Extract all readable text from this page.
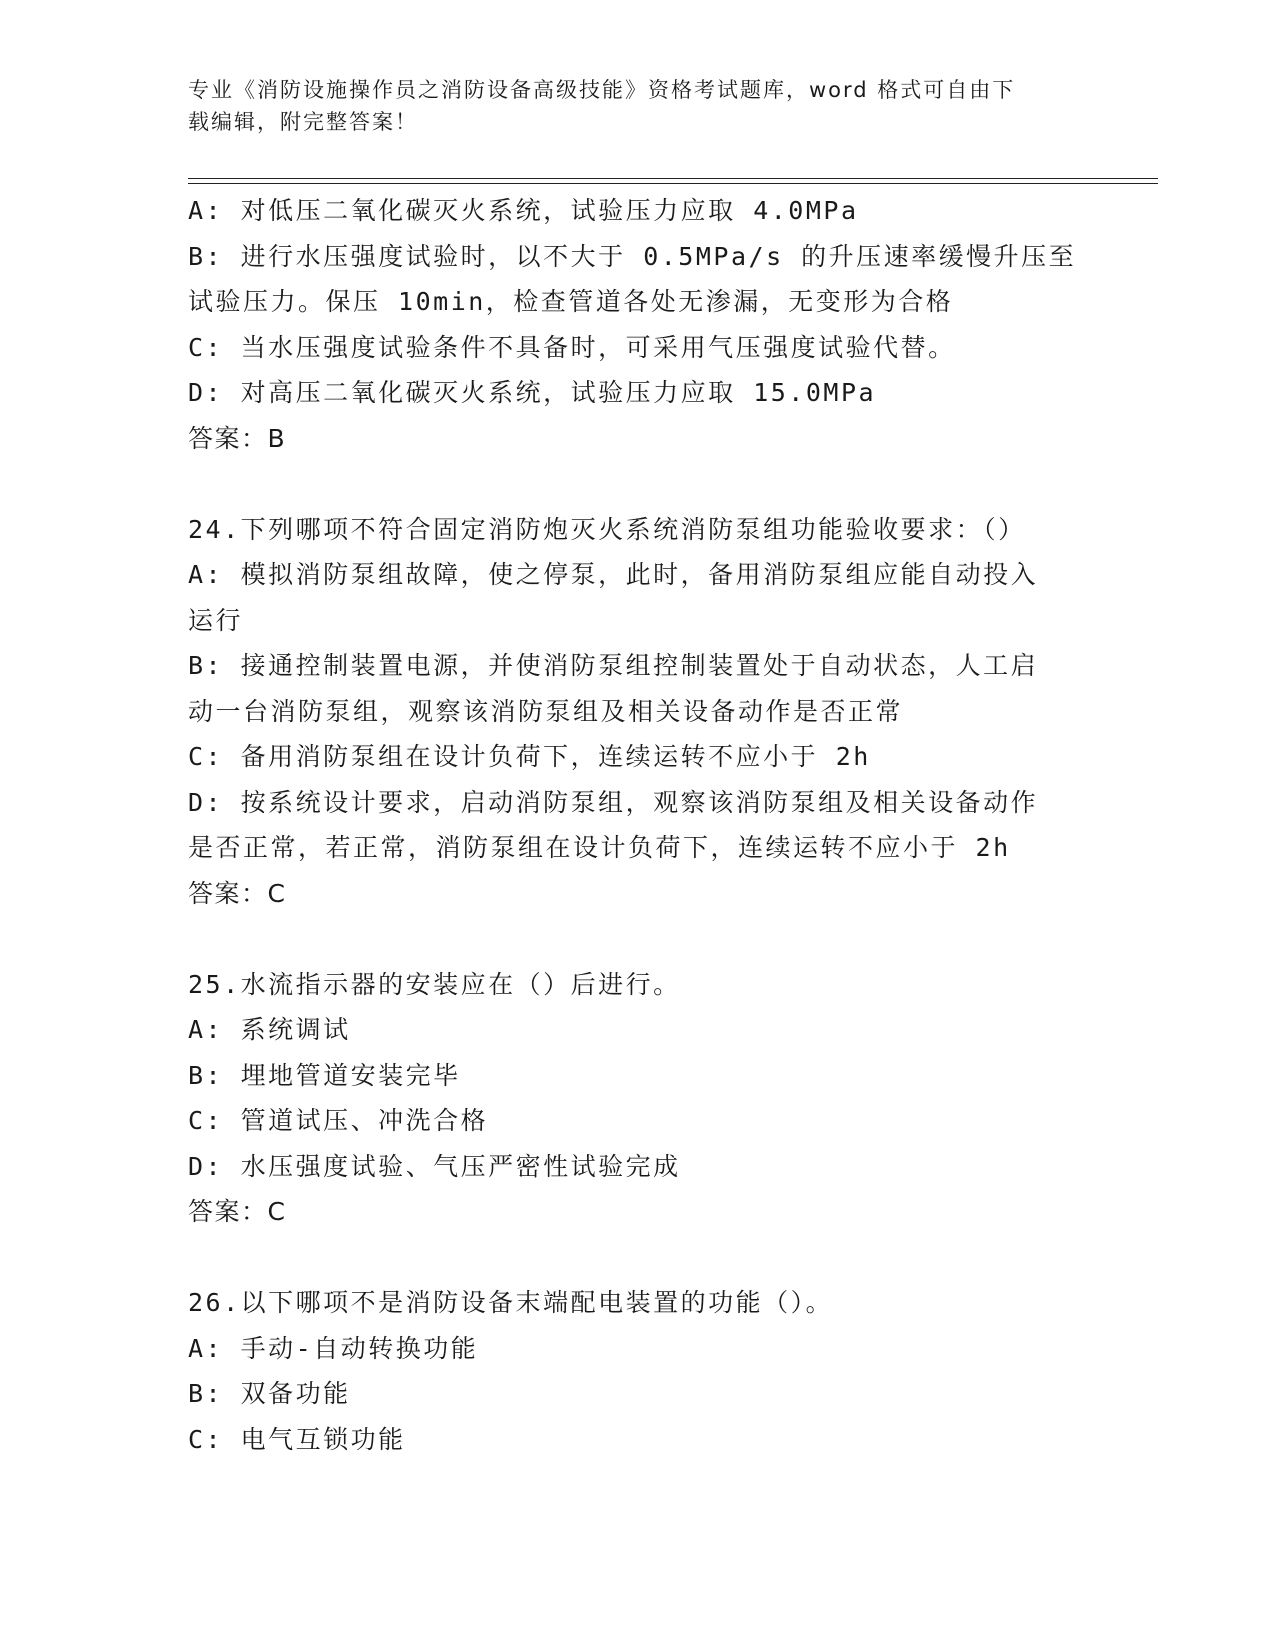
专业《消防设施操作员之消防设备高级技能》资格考试题库，word 格式可自由下
载编辑，附完整答案！

A: 对低压二氧化碳灭火系统，试验压力应取 4.0MPa

B: 进行水压强度试验时，以不大于 0.5MPa/s 的升压速率缓慢升压至

试验压力。保压 10min，检查管道各处无渗漏，无变形为合格

C: 当水压强度试验条件不具备时，可采用气压强度试验代替。

D: 对高压二氧化碳灭火系统，试验压力应取 15.0MPa

答案：B

24.下列哪项不符合固定消防炮灭火系统消防泵组功能验收要求：（）

A: 模拟消防泵组故障，使之停泵，此时，备用消防泵组应能自动投入

运行

B: 接通控制装置电源，并使消防泵组控制装置处于自动状态，人工启

动一台消防泵组，观察该消防泵组及相关设备动作是否正常

C: 备用消防泵组在设计负荷下，连续运转不应小于 2h

D: 按系统设计要求，启动消防泵组，观察该消防泵组及相关设备动作

是否正常，若正常，消防泵组在设计负荷下，连续运转不应小于 2h

答案：C

25.水流指示器的安装应在（）后进行。

A: 系统调试

B: 埋地管道安装完毕

C: 管道试压、冲洗合格

D: 水压强度试验、气压严密性试验完成

答案：C

26.以下哪项不是消防设备末端配电装置的功能（）。

A: 手动-自动转换功能

B: 双备功能

C: 电气互锁功能
